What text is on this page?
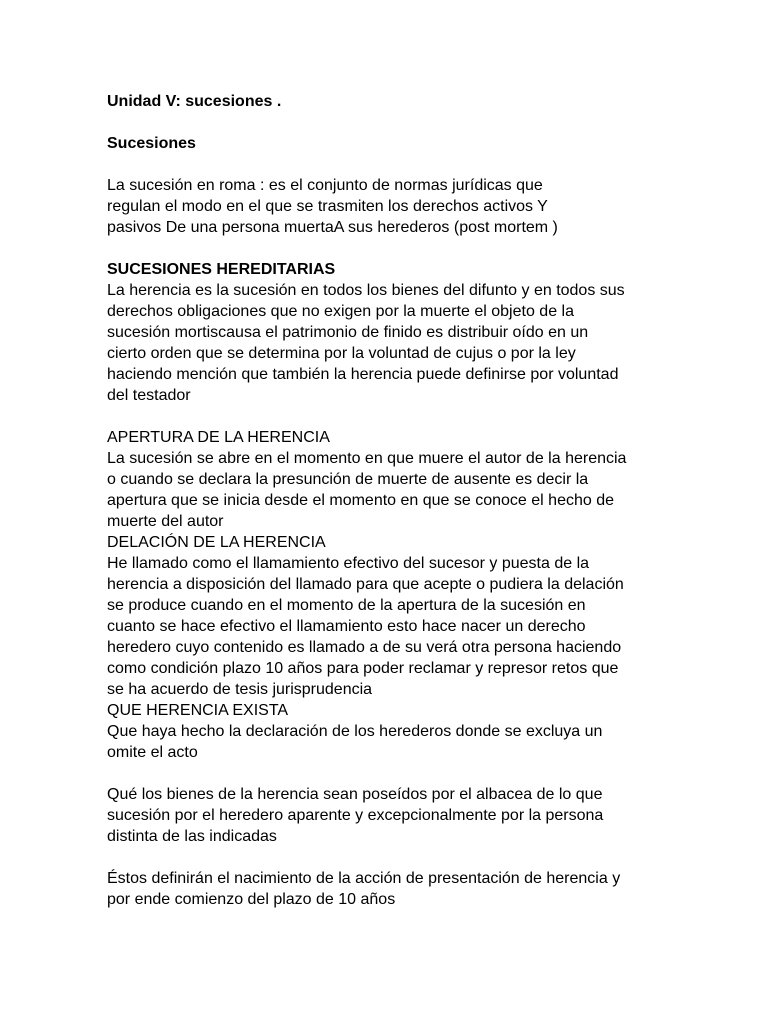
Unidad V: sucesiones .
Sucesiones
La sucesión en roma : es el conjunto de normas jurídicas que
regulan el modo en el que se trasmiten los derechos activos Y
pasivos De una persona muertaA sus herederos (post mortem )
SUCESIONES HEREDITARIAS
La herencia es la sucesión en todos los bienes del difunto y en todos sus
derechos obligaciones que no exigen por la muerte el objeto de la
sucesión mortiscausa el patrimonio de finido es distribuir oído en un
cierto orden que se determina por la voluntad de cujus o por la ley
haciendo mención que también la herencia puede definirse por voluntad
del testador
APERTURA DE LA HERENCIA
La sucesión se abre en el momento en que muere el autor de la herencia
o cuando se declara la presunción de muerte de ausente es decir la
apertura que se inicia desde el momento en que se conoce el hecho de
muerte del autor
DELACIÓN DE LA HERENCIA
He llamado como el llamamiento efectivo del sucesor y puesta de la
herencia a disposición del llamado para que acepte o pudiera la delación
se produce cuando en el momento de la apertura de la sucesión en
cuanto se hace efectivo el llamamiento esto hace nacer un derecho
heredero cuyo contenido es llamado a de su verá otra persona haciendo
como condición plazo 10 años para poder reclamar y represor retos que
se ha acuerdo de tesis jurisprudencia
QUE HERENCIA EXISTA
Que haya hecho la declaración de los herederos donde se excluya un
omite el acto
Qué los bienes de la herencia sean poseídos por el albacea de lo que
sucesión por el heredero aparente y excepcionalmente por la persona
distinta de las indicadas
Éstos definirán el nacimiento de la acción de presentación de herencia y
por ende comienzo del plazo de 10 años
